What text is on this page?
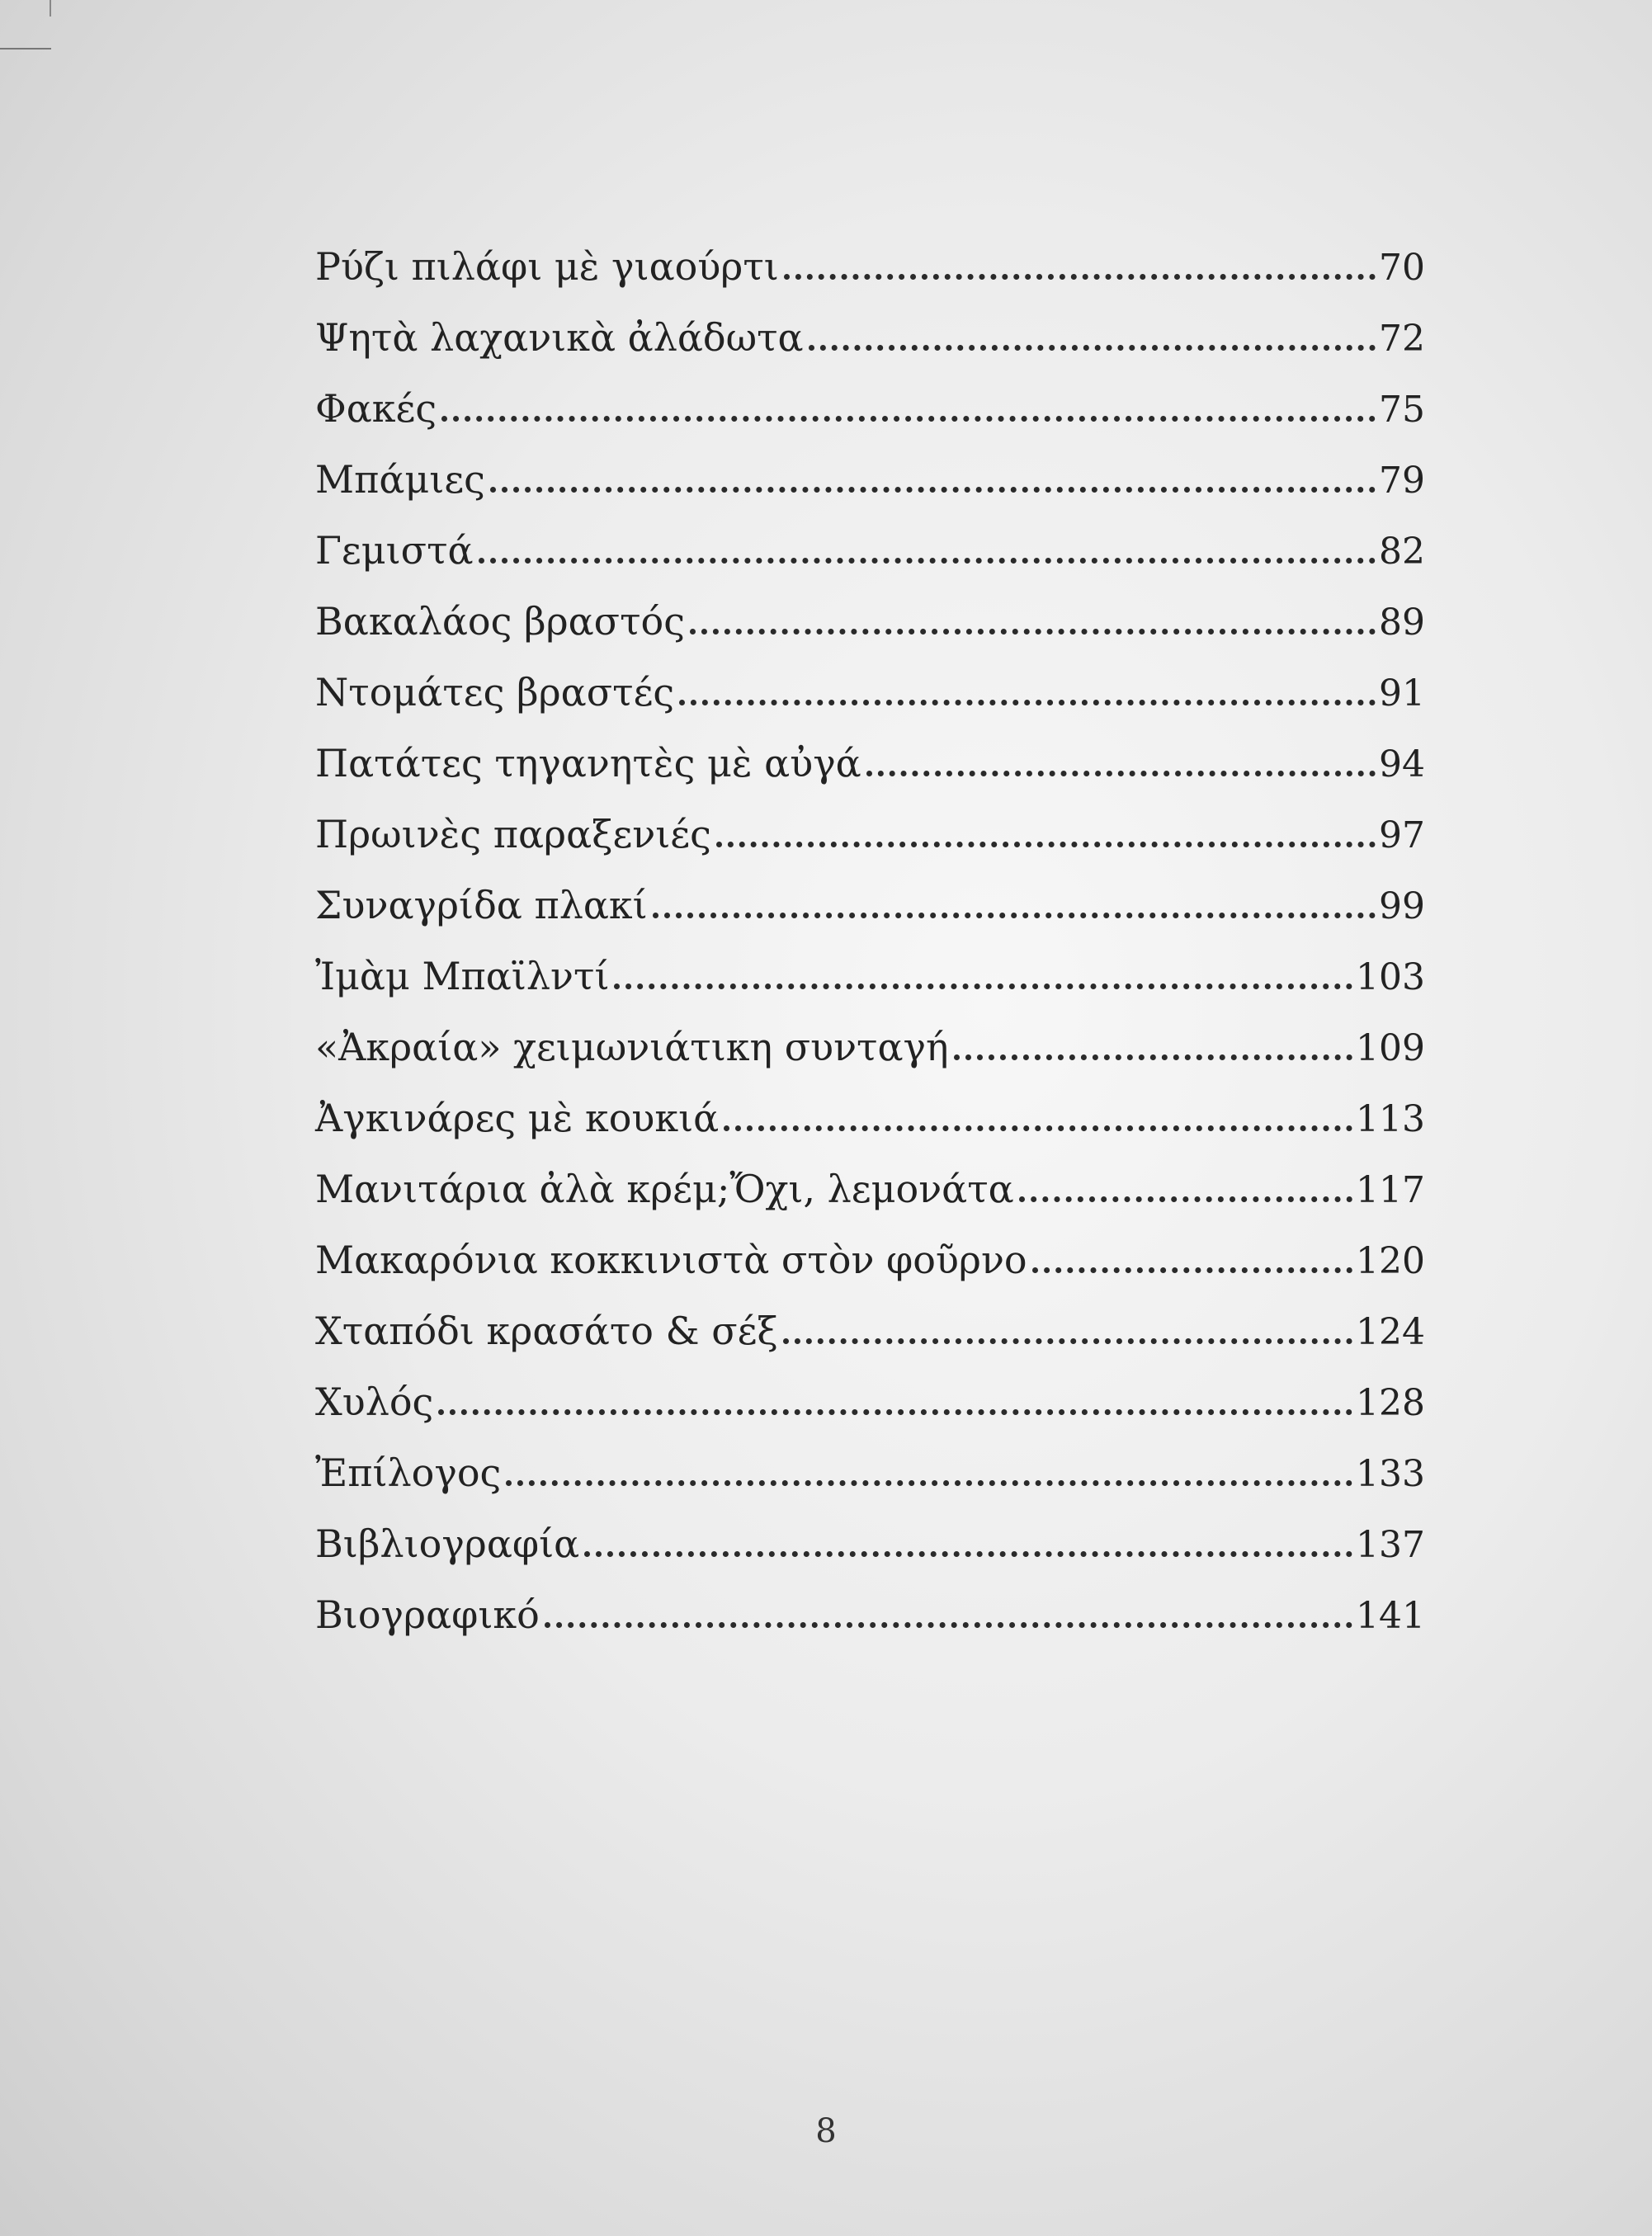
Ρύζι πιλάφι μὲ γιαούρτι	70
Ψητὰ λαχανικὰ ἀλάδωτα	72
Φακές	75
Μπάμιες	79
Γεμιστά	82
Βακαλάος βραστός	89
Ντομάτες βραστές	91
Πατάτες τηγανητὲς μὲ αὐγά	94
Πρωινὲς παραξενιές	97
Συναγρίδα πλακί	99
Ἰμὰμ Μπαϊλντί	103
«Ἀκραία» χειμωνιάτικη συνταγή	109
Ἀγκινάρες μὲ κουκιά	113
Μανιτάρια ἀλὰ κρέμ;Ὄχι, λεμονάτα	117
Μακαρόνια κοκκινιστὰ στὸν φοῦρνο	120
Χταπόδι κρασάτο & σέξ	124
Χυλός	128
Ἐπίλογος	133
Βιβλιογραφία	137
Βιογραφικό	141
8
